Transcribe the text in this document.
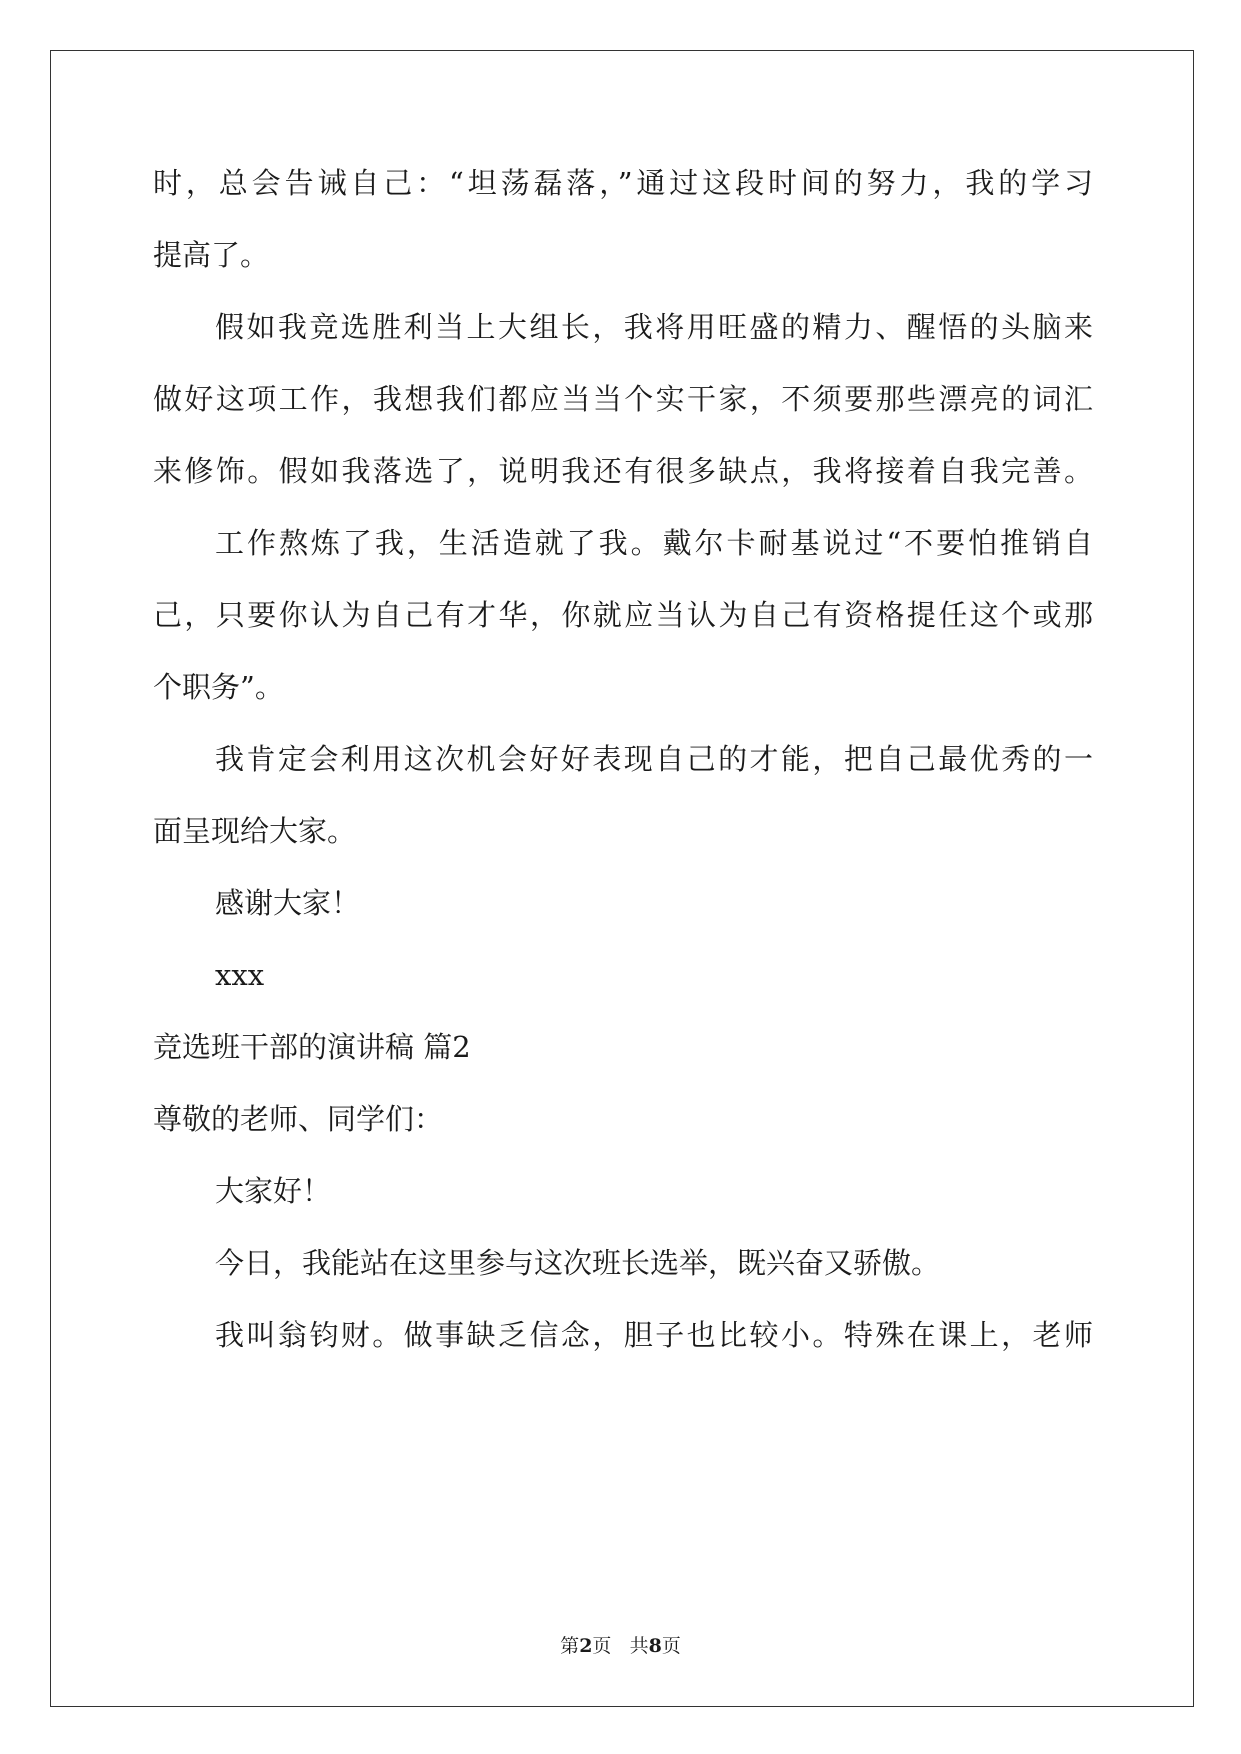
时，总会告诫自己：“坦荡磊落，”通过这段时间的努力，我的学习
提高了。
假如我竞选胜利当上大组长，我将用旺盛的精力、醒悟的头脑来
做好这项工作，我想我们都应当当个实干家，不须要那些漂亮的词汇
来修饰。假如我落选了，说明我还有很多缺点，我将接着自我完善。
工作熬炼了我，生活造就了我。戴尔卡耐基说过“不要怕推销自
己，只要你认为自己有才华，你就应当认为自己有资格提任这个或那
个职务”。
我肯定会利用这次机会好好表现自己的才能，把自己最优秀的一
面呈现给大家。
感谢大家！
xxx
竞选班干部的演讲稿 篇2
尊敬的老师、同学们：
大家好！
今日，我能站在这里参与这次班长选举，既兴奋又骄傲。
我叫翁钧财。做事缺乏信念，胆子也比较小。特殊在课上，老师
第2页 共8页
